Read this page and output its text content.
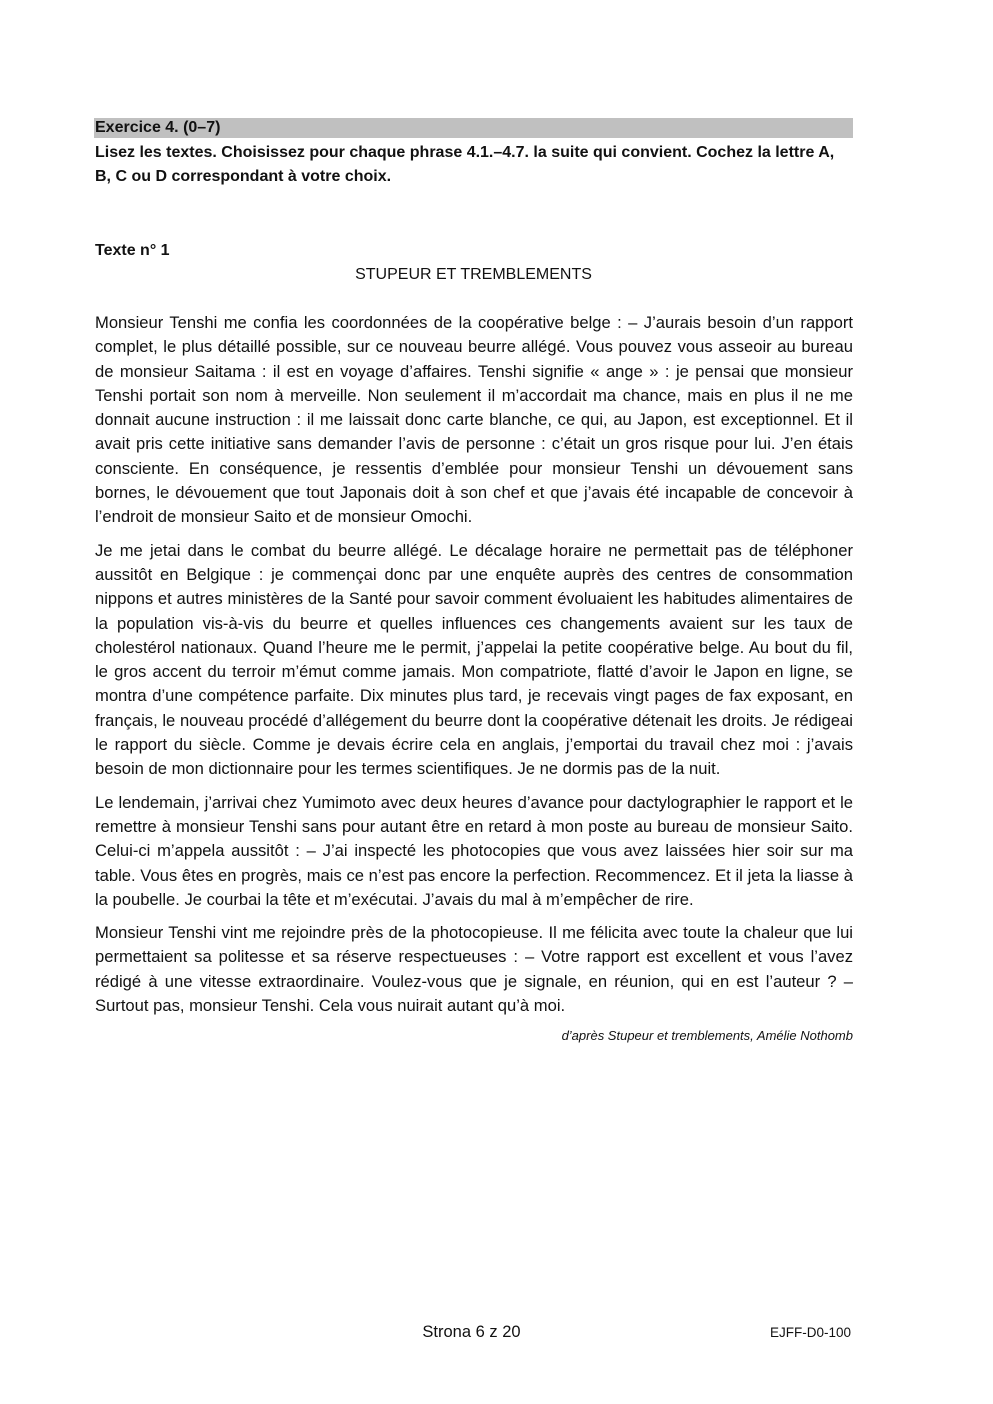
Exercice 4. (0–7)
Lisez les textes. Choisissez pour chaque phrase 4.1.–4.7. la suite qui convient. Cochez la lettre A, B, C ou D correspondant à votre choix.
Texte n° 1
STUPEUR ET TREMBLEMENTS

Monsieur Tenshi me confia les coordonnées de la coopérative belge : – J’aurais besoin d’un rapport complet, le plus détaillé possible, sur ce nouveau beurre allégé. Vous pouvez vous asseoir au bureau de monsieur Saitama : il est en voyage d’affaires. Tenshi signifie « ange » : je pensai que monsieur Tenshi portait son nom à merveille. Non seulement il m’accordait ma chance, mais en plus il ne me donnait aucune instruction : il me laissait donc carte blanche, ce qui, au Japon, est exceptionnel. Et il avait pris cette initiative sans demander l’avis de personne : c’était un gros risque pour lui. J’en étais consciente. En conséquence, je ressentis d’emblée pour monsieur Tenshi un dévouement sans bornes, le dévouement que tout Japonais doit à son chef et que j’avais été incapable de concevoir à l’endroit de monsieur Saito et de monsieur Omochi.

Je me jetai dans le combat du beurre allégé. Le décalage horaire ne permettait pas de téléphoner aussitôt en Belgique : je commençai donc par une enquête auprès des centres de consommation nippons et autres ministères de la Santé pour savoir comment évoluaient les habitudes alimentaires de la population vis-à-vis du beurre et quelles influences ces changements avaient sur les taux de cholestérol nationaux. Quand l’heure me le permit, j’appelai la petite coopérative belge. Au bout du fil, le gros accent du terroir m’émut comme jamais. Mon compatriote, flatté d’avoir le Japon en ligne, se montra d’une compétence parfaite. Dix minutes plus tard, je recevais vingt pages de fax exposant, en français, le nouveau procédé d’allégement du beurre dont la coopérative détenait les droits. Je rédigeai le rapport du siècle. Comme je devais écrire cela en anglais, j’emportai du travail chez moi : j’avais besoin de mon dictionnaire pour les termes scientifiques. Je ne dormis pas de la nuit.

Le lendemain, j’arrivai chez Yumimoto avec deux heures d’avance pour dactylographier le rapport et le remettre à monsieur Tenshi sans pour autant être en retard à mon poste au bureau de monsieur Saito. Celui-ci m’appela aussitôt : – J’ai inspecté les photocopies que vous avez laissées hier soir sur ma table. Vous êtes en progrès, mais ce n’est pas encore la perfection. Recommencez. Et il jeta la liasse à la poubelle. Je courbai la tête et m’exécutai. J’avais du mal à m’empêcher de rire.

Monsieur Tenshi vint me rejoindre près de la photocopieuse. Il me félicita avec toute la chaleur que lui permettaient sa politesse et sa réserve respectueuses : – Votre rapport est excellent et vous l’avez rédigé à une vitesse extraordinaire. Voulez-vous que je signale, en réunion, qui en est l’auteur ? – Surtout pas, monsieur Tenshi. Cela vous nuirait autant qu’à moi.

d’après Stupeur et tremblements, Amélie Nothomb
Strona 6 z 20	EJFF-D0-100
